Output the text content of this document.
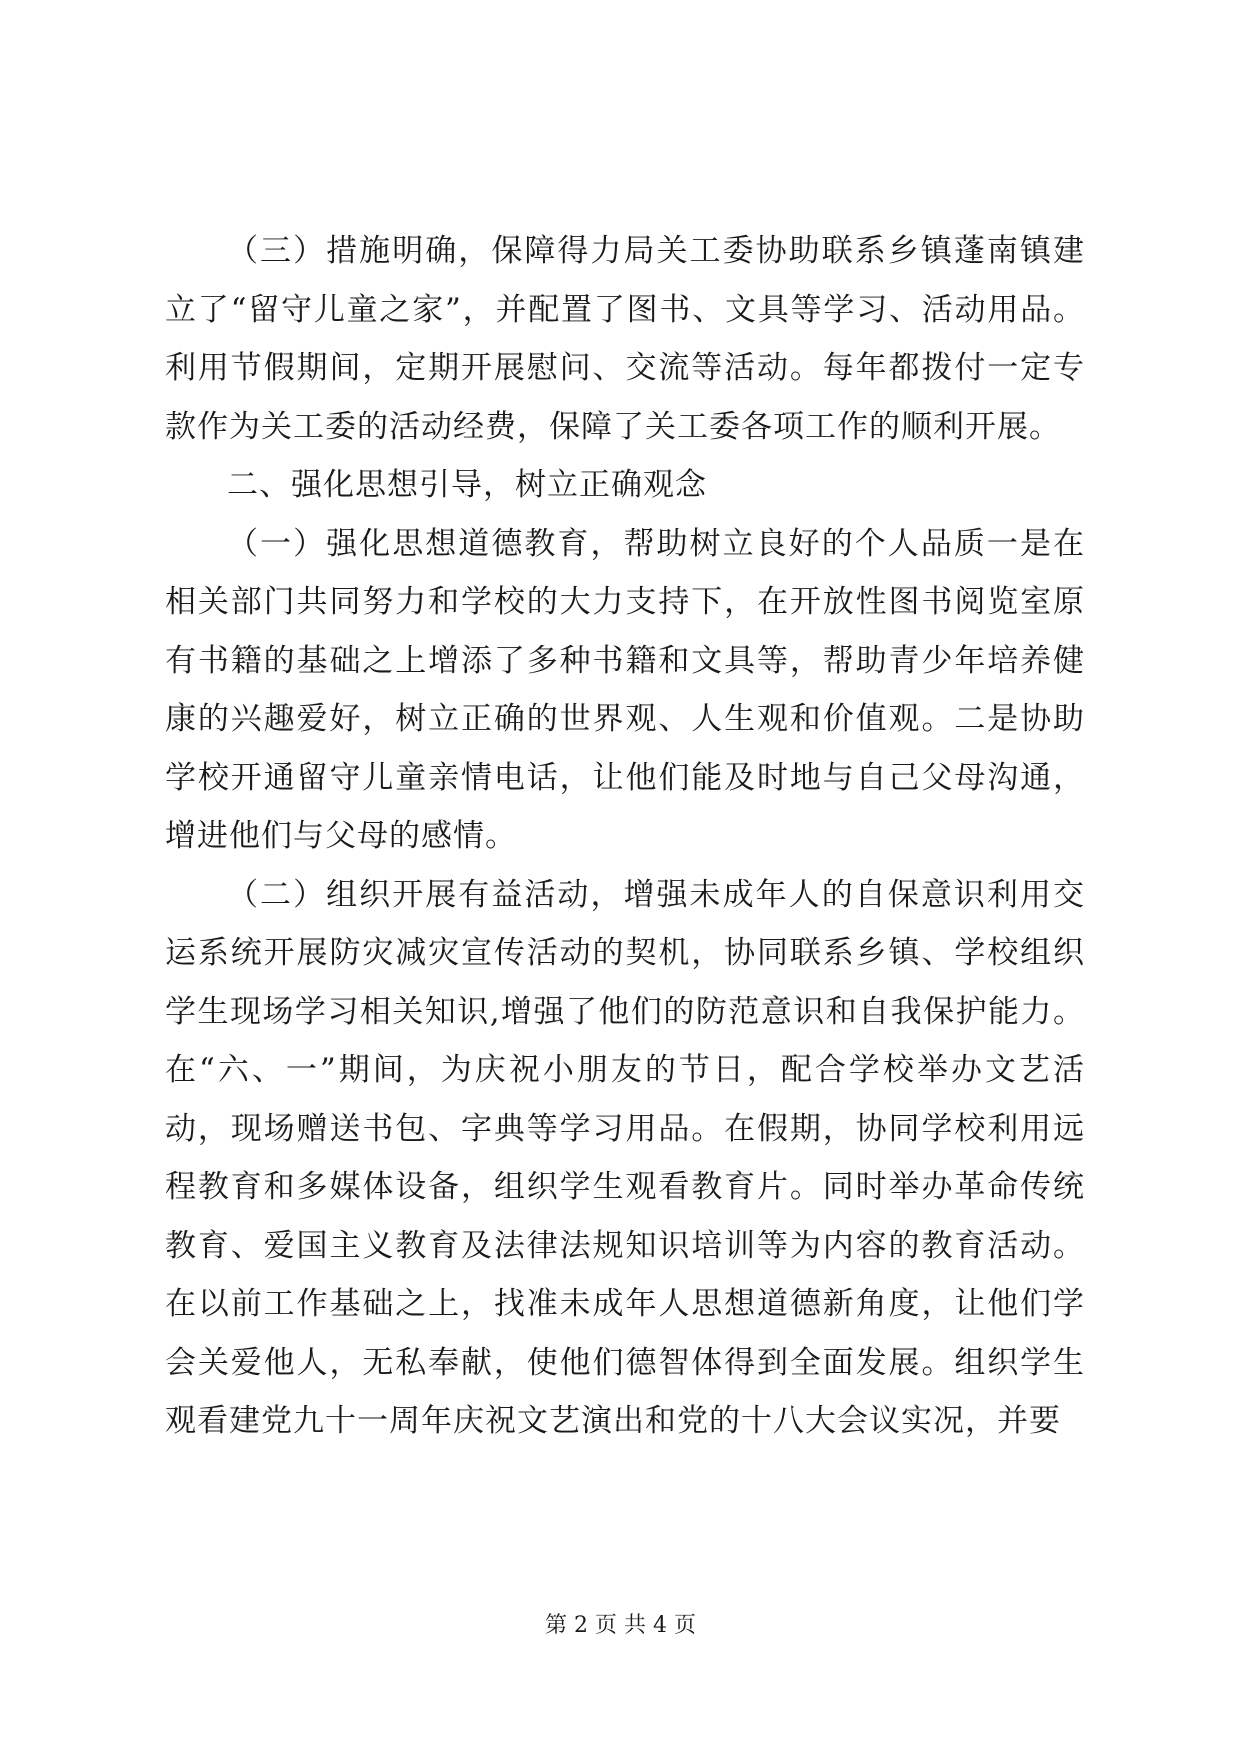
（三）措施明确，保障得力局关工委协助联系乡镇蓬南镇建立了“留守儿童之家”，并配置了图书、文具等学习、活动用品。利用节假期间，定期开展慰问、交流等活动。每年都拨付一定专款作为关工委的活动经费，保障了关工委各项工作的顺利开展。

二、强化思想引导，树立正确观念

（一）强化思想道德教育，帮助树立良好的个人品质一是在相关部门共同努力和学校的大力支持下，在开放性图书阅览室原有书籍的基础之上增添了多种书籍和文具等，帮助青少年培养健康的兴趣爱好，树立正确的世界观、人生观和价值观。二是协助学校开通留守儿童亲情电话，让他们能及时地与自己父母沟通，增进他们与父母的感情。

（二）组织开展有益活动，增强未成年人的自保意识利用交运系统开展防灾减灾宣传活动的契机，协同联系乡镇、学校组织学生现场学习相关知识,增强了他们的防范意识和自我保护能力。在“六、一”期间，为庆祝小朋友的节日，配合学校举办文艺活动，现场赠送书包、字典等学习用品。在假期，协同学校利用远程教育和多媒体设备，组织学生观看教育片。同时举办革命传统教育、爱国主义教育及法律法规知识培训等为内容的教育活动。在以前工作基础之上，找准未成年人思想道德新角度，让他们学会关爱他人，无私奉献，使他们德智体得到全面发展。组织学生观看建党九十一周年庆祝文艺演出和党的十八大会议实况，并要

第 2 页 共 4 页
